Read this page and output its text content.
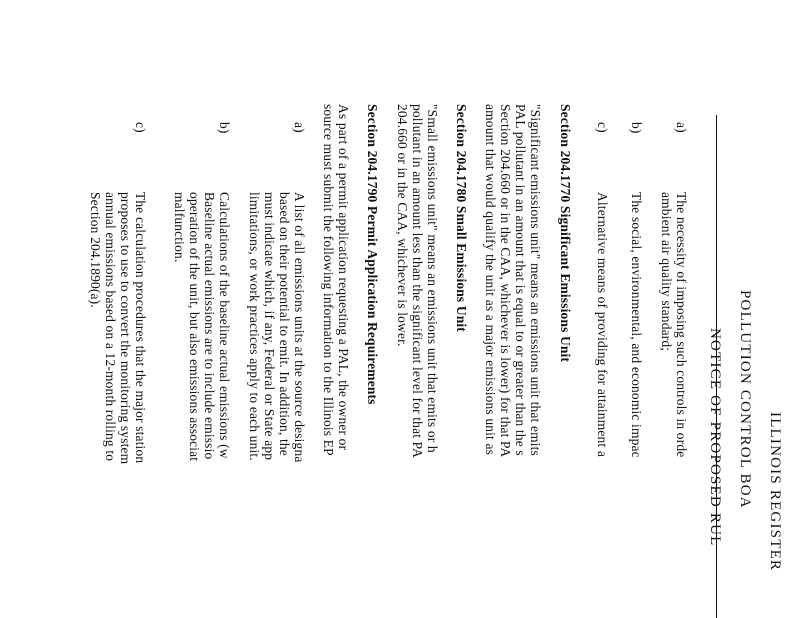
ILLINOIS REGISTER
POLLUTION CONTROL BOA
NOTICE OF PROPOSED RUL
a)
The necessity of imposing such controls in orde
ambient air quality standard;
b)
The social, environmental, and economic impac
c)
Alternative means of providing for attainment a
Section 204.1770 Significant Emissions Unit
"Significant emissions unit" means an emissions unit that emits
PAL pollutant in an amount that is equal to or greater than the s
Section 204.660 or in the CAA, whichever is lower) for that PA
amount that would qualify the unit as a major emissions unit as
Section 204.1780 Small Emissions Unit
"Small emissions unit" means an emissions unit that emits or h
pollutant in an amount less than the significant level for that PA
204.660 or in the CAA, whichever is lower.
Section 204.1790 Permit Application Requirements
As part of a permit application requesting a PAL, the owner or
source must submit the following information to the Illinois EP
a)
A list of all emissions units at the source designa
based on their potential to emit. In addition, the
must indicate which, if any, Federal or State app
limitations, or work practices apply to each unit.
b)
Calculations of the baseline actual emissions (w
Baseline actual emissions are to include emissio
operation of the unit, but also emissions associat
malfunction.
c)
The calculation procedures that the major station
proposes to use to convert the monitoring system
annual emissions based on a 12-month rolling to
Section 204.1890(a).
